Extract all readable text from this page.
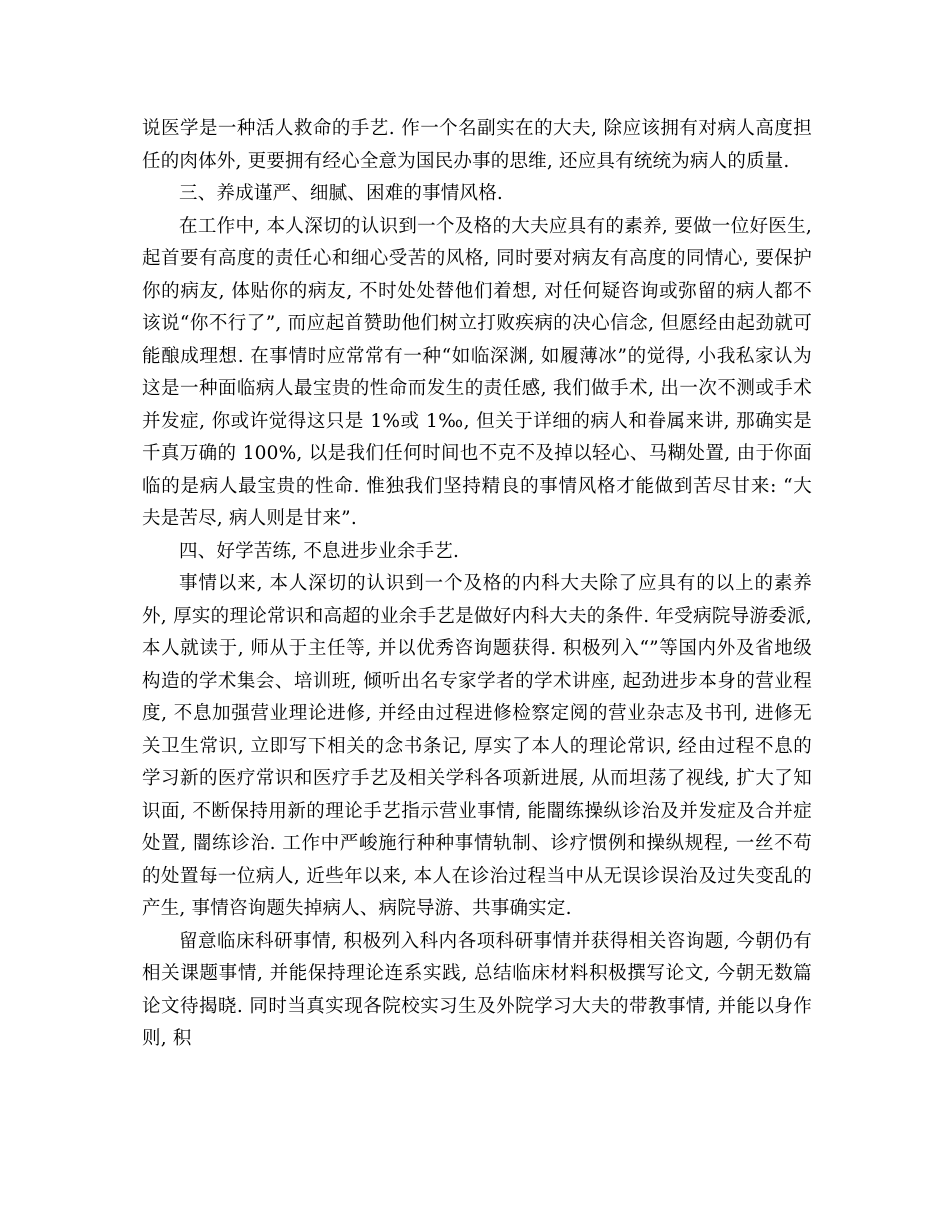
说医学是一种活人救命的手艺. 作一个名副实在的大夫, 除应该拥有对病人高度担任的肉体外, 更要拥有经心全意为国民办事的思维, 还应具有统统为病人的质量.

三、养成谨严、细腻、困难的事情风格.

在工作中, 本人深切的认识到一个及格的大夫应具有的素养, 要做一位好医生, 起首要有高度的责任心和细心受苦的风格, 同时要对病友有高度的同情心, 要保护你的病友, 体贴你的病友, 不时处处替他们着想, 对任何疑咨询或弥留的病人都不该说“你不行了”, 而应起首赞助他们树立打败疾病的决心信念, 但愿经由起劲就可能酿成理想. 在事情时应常常有一种“如临深渊, 如履薄冰”的觉得, 小我私家认为这是一种面临病人最宝贵的性命而发生的责任感, 我们做手术, 出一次不测或手术并发症, 你或许觉得这只是 1%或 1‰, 但关于详细的病人和眷属来讲, 那确实是千真万确的 100%, 以是我们任何时间也不克不及掉以轻心、马糊处置, 由于你面临的是病人最宝贵的性命. 惟独我们坚持精良的事情风格才能做到苦尽甘来: “大夫是苦尽, 病人则是甘来”.

四、好学苦练, 不息进步业余手艺.

事情以来, 本人深切的认识到一个及格的内科大夫除了应具有的以上的素养外, 厚实的理论常识和高超的业余手艺是做好内科大夫的条件. 年受病院导游委派, 本人就读于, 师从于主任等, 并以优秀咨询题获得. 积极列入“”等国内外及省地级构造的学术集会、培训班, 倾听出名专家学者的学术讲座, 起劲进步本身的营业程度, 不息加强营业理论进修, 并经由过程进修检察定阅的营业杂志及书刊, 进修无关卫生常识, 立即写下相关的念书条记, 厚实了本人的理论常识, 经由过程不息的学习新的医疗常识和医疗手艺及相关学科各项新进展, 从而坦荡了视线, 扩大了知识面, 不断保持用新的理论手艺指示营业事情, 能闇练操纵诊治及并发症及合并症处置, 闇练诊治. 工作中严峻施行种种事情轨制、诊疗惯例和操纵规程, 一丝不苟的处置每一位病人, 近些年以来, 本人在诊治过程当中从无误诊误治及过失变乱的产生, 事情咨询题失掉病人、病院导游、共事确实定.

留意临床科研事情, 积极列入科内各项科研事情并获得相关咨询题, 今朝仍有相关课题事情, 并能保持理论连系实践, 总结临床材料积极撰写论文, 今朝无数篇论文待揭晓. 同时当真实现各院校实习生及外院学习大夫的带教事情, 并能以身作则, 积
